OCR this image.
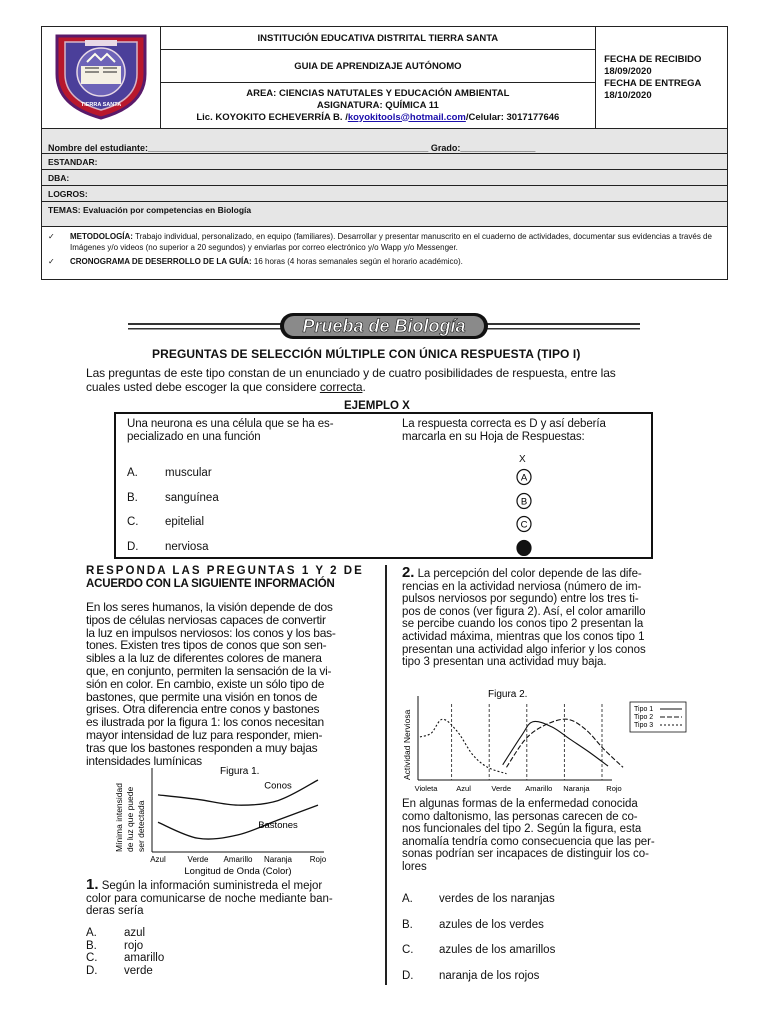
TIERRA SANTA
	INSTITUCIÓN EDUCATIVA DISTRITAL TIERRA SANTA	
FECHA DE RECIBIDO
18/09/2020
FECHA DE ENTREGA
18/10/2020

GUIA DE APRENDIZAJE AUTÓNOMO

AREA: CIENCIAS NATUTALES Y EDUCACIÓN AMBIENTAL
ASIGNATURA: QUÍMICA 11
Lic. KOYOKITO ECHEVERRÍA B. /koyokitools@hotmail.com/Celular: 3017177646

Nombre del estudiante:________________________________________________________ Grado:_______________
ESTANDAR:
DBA:
LOGROS:
TEMAS: Evaluación por competencias en Biología

✓	METODOLOGÍA: Trabajo individual, personalizado, en equipo (familiares). Desarrollar y presentar manuscrito en el cuaderno de actividades, documentar sus evidencias a través de Imágenes y/o videos (no superior a 20 segundos) y enviarlas por correo electrónico y/o Wapp y/o Messenger.
✓	CRONOGRAMA DE DESERROLLO DE LA GUÍA: 16 horas (4 horas semanales según el horario académico).
Prueba de Biología
PREGUNTAS DE SELECCIÓN MÚLTIPLE CON ÚNICA RESPUESTA (TIPO I)
Las preguntas de este tipo constan de un enunciado y de cuatro posibilidades de respuesta, entre las
cuales usted debe escoger la que considere correcta.
EJEMPLO X
Una neurona es una célula que se ha es-
pecializado en una función
La respuesta correcta es D y así debería
marcarla en su Hoja de Respuestas:
X
A. muscular
B. sanguínea
C. epitelial
D. nerviosa
A
B
C
RESPONDA LAS PREGUNTAS 1 Y 2 DE
ACUERDO CON LA SIGUIENTE INFORMACIÓN
En los seres humanos, la visión depende de dos
tipos de células nerviosas capaces de convertir
la luz en impulsos nerviosos: los conos y los bas-
tones. Existen tres tipos de conos que son sen-
sibles a la luz de diferentes colores de manera
que, en conjunto, permiten la sensación de la vi-
sión en color. En cambio, existe un sólo tipo de
bastones, que permite una visión en tonos de
grises. Otra diferencia entre conos y bastones
es ilustrada por la figura 1: los conos necesitan
mayor intensidad de luz para responder, mien-
tras que los bastones responden a muy bajas
intensidades lumínicas
Figura 1.
Mínima intensidad de luz que puede ser detectada
Azul	Verde Amarillo Naranja Rojo
Longitud de Onda (Color)
Conos
Bastones
1. Según la información suministreda el mejor
color para comunicarse de noche mediante ban-
deras sería
A. azul
B. rojo
C. amarillo
D. verde
2. La percepción del color depende de las dife-
rencias en la actividad nerviosa (número de im-
pulsos nerviosos por segundo) entre los tres ti-
pos de conos (ver figura 2). Así, el color amarillo
se percibe cuando los conos tipo 2 presentan la
actividad máxima, mientras que los conos tipo 1
presentan una actividad algo inferior y los conos
tipo 3 presentan una actividad muy baja.
Figura 2.
Actividad Nerviosa
Violeta	Azul	Verde Amarillo Naranja Rojo
Tipo 1
Tipo 2
Tipo 3
En algunas formas de la enfermedad conocida
como daltonismo, las personas carecen de co-
nos funcionales del tipo 2. Según la figura, esta
anomalía tendría como consecuencia que las per-
sonas podrían ser incapaces de distinguir los co-
lores
A. verdes de los naranjas
B. azules de los verdes
C. azules de los amarillos
D. naranja de los rojos
